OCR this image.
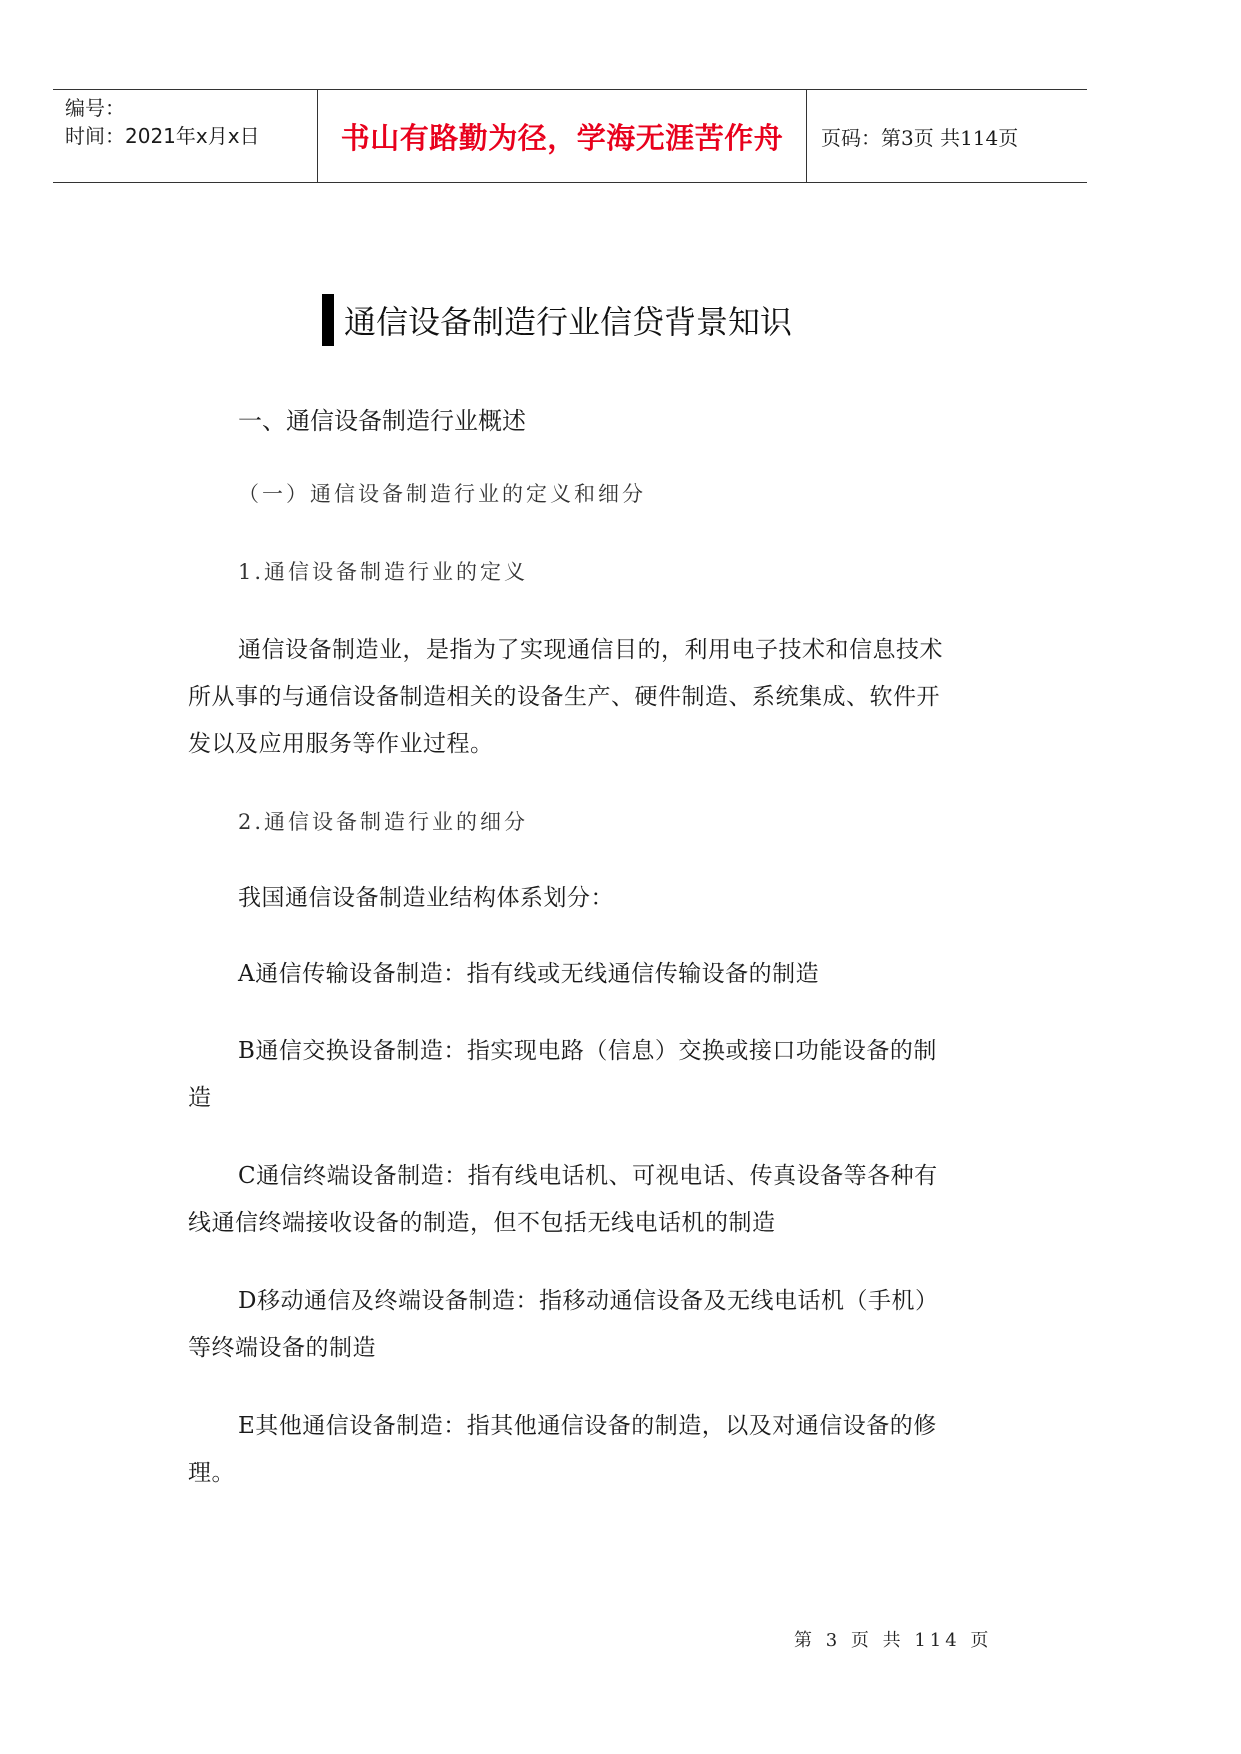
编号：
时间：2021年x月x日	书山有路勤为径，学海无涯苦作舟	页码：第3页 共114页
通信设备制造行业信贷背景知识
一、通信设备制造行业概述
（一）通信设备制造行业的定义和细分
1.通信设备制造行业的定义
通信设备制造业，是指为了实现通信目的，利用电子技术和信息技术所从事的与通信设备制造相关的设备生产、硬件制造、系统集成、软件开发以及应用服务等作业过程。
2.通信设备制造行业的细分
我国通信设备制造业结构体系划分：
A通信传输设备制造：指有线或无线通信传输设备的制造
B通信交换设备制造：指实现电路（信息）交换或接口功能设备的制造
C通信终端设备制造：指有线电话机、可视电话、传真设备等各种有线通信终端接收设备的制造，但不包括无线电话机的制造
D移动通信及终端设备制造：指移动通信设备及无线电话机（手机）等终端设备的制造
E其他通信设备制造：指其他通信设备的制造，以及对通信设备的修理。
第 3 页 共 114 页
